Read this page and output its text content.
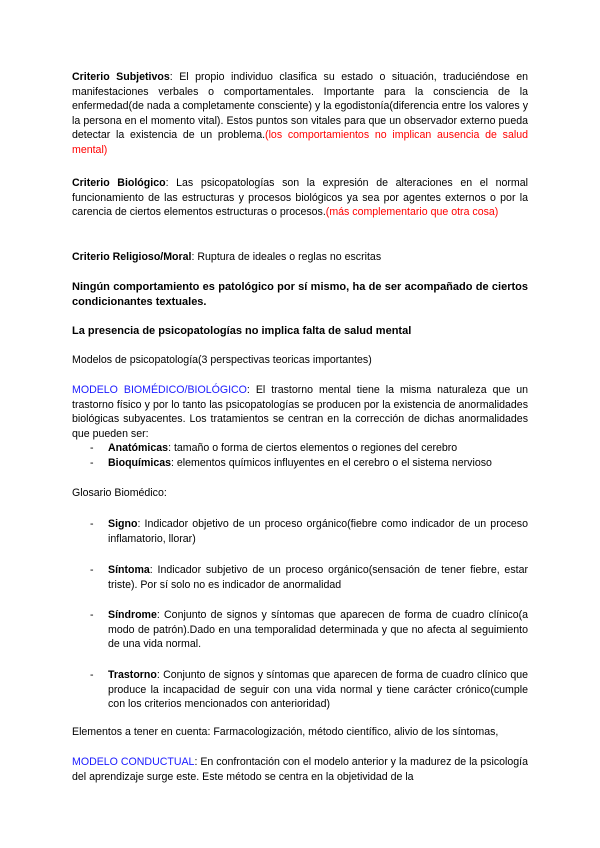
Criterio Subjetivos: El propio individuo clasifica su estado o situación, traduciéndose en manifestaciones verbales o comportamentales. Importante para la consciencia de la enfermedad(de nada a completamente consciente) y la egodistonía(diferencia entre los valores y la persona en el momento vital). Estos puntos son vitales para que un observador externo pueda detectar la existencia de un problema.(los comportamientos no implican ausencia de salud mental)

Criterio Biológico: Las psicopatologías son la expresión de alteraciones en el normal funcionamiento de las estructuras y procesos biológicos ya sea por agentes externos o por la carencia de ciertos elementos estructuras o procesos.(más complementario que otra cosa)

Criterio Religioso/Moral: Ruptura de ideales o reglas no escritas

Ningún comportamiento es patológico por sí mismo, ha de ser acompañado de ciertos condicionantes textuales.

La presencia de psicopatologías no implica falta de salud mental

Modelos de psicopatología(3 perspectivas teoricas importantes)

MODELO BIOMÉDICO/BIOLÓGICO: El trastorno mental tiene la misma naturaleza que un trastorno físico y por lo tanto las psicopatologías se producen por la existencia de anormalidades biológicas subyacentes. Los tratamientos se centran en la corrección de dichas anormalidades que pueden ser:

- Anatómicas: tamaño o forma de ciertos elementos o regiones del cerebro
- Bioquímicas: elementos químicos influyentes en el cerebro o el sistema nervioso

Glosario Biomédico:

- Signo: Indicador objetivo de un proceso orgánico(fiebre como indicador de un proceso inflamatorio, llorar)
- Síntoma: Indicador subjetivo de un proceso orgánico(sensación de tener fiebre, estar triste). Por sí solo no es indicador de anormalidad
- Síndrome: Conjunto de signos y síntomas que aparecen de forma de cuadro clínico(a modo de patrón).Dado en una temporalidad determinada y que no afecta al seguimiento de una vida normal.
- Trastorno: Conjunto de signos y síntomas que aparecen de forma de cuadro clínico que produce la incapacidad de seguir con una vida normal y tiene carácter crónico(cumple con los criterios mencionados con anterioridad)

Elementos a tener en cuenta: Farmacologización, método científico, alivio de los síntomas,

MODELO CONDUCTUAL: En confrontación con el modelo anterior y la madurez de la psicología del aprendizaje surge este. Este método se centra en la objetividad de la
